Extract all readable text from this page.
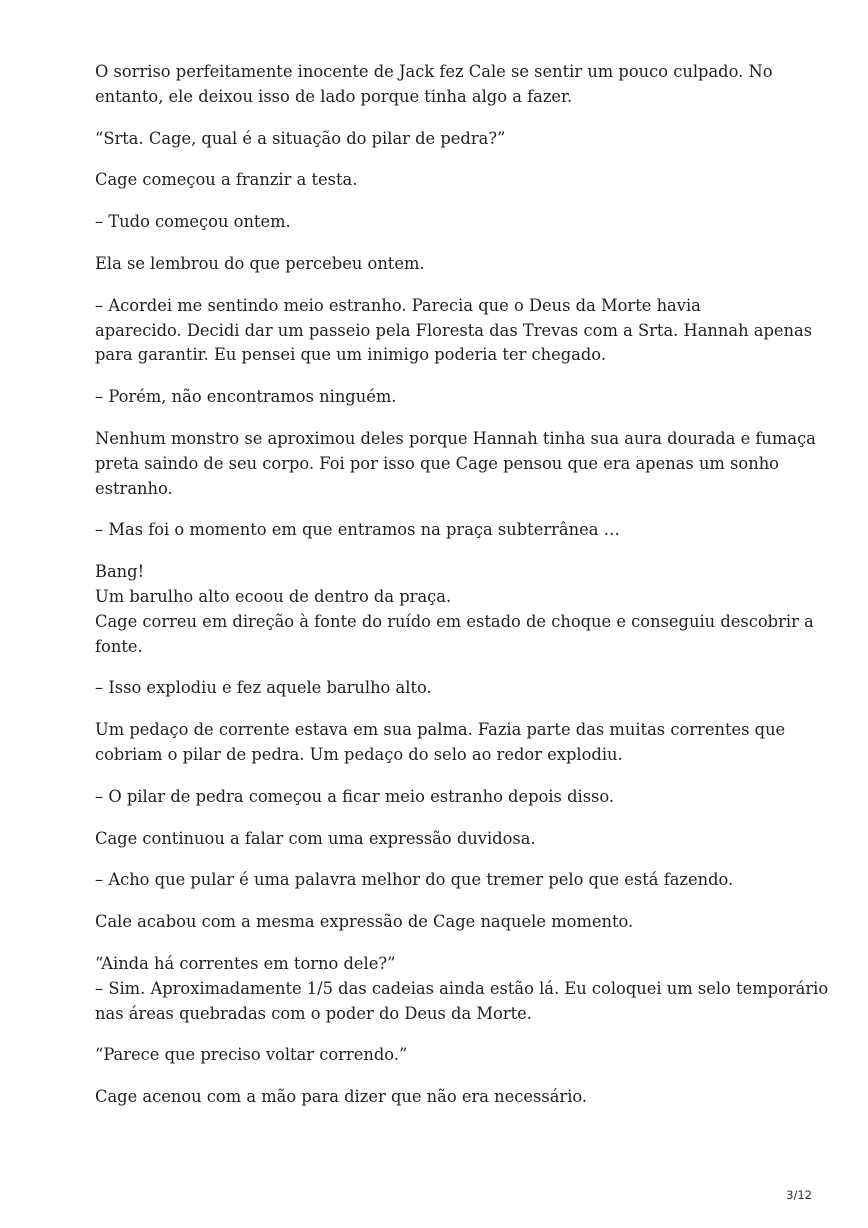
O sorriso perfeitamente inocente de Jack fez Cale se sentir um pouco culpado. No
entanto, ele deixou isso de lado porque tinha algo a fazer.
“Srta. Cage, qual é a situação do pilar de pedra?”
Cage começou a franzir a testa.
– Tudo começou ontem.
Ela se lembrou do que percebeu ontem.
– Acordei me sentindo meio estranho. Parecia que o Deus da Morte havia
aparecido. Decidi dar um passeio pela Floresta das Trevas com a Srta. Hannah apenas
para garantir. Eu pensei que um inimigo poderia ter chegado.
– Porém, não encontramos ninguém.
Nenhum monstro se aproximou deles porque Hannah tinha sua aura dourada e fumaça
preta saindo de seu corpo. Foi por isso que Cage pensou que era apenas um sonho
estranho.
– Mas foi o momento em que entramos na praça subterrânea …
Bang!
Um barulho alto ecoou de dentro da praça.
Cage correu em direção à fonte do ruído em estado de choque e conseguiu descobrir a
fonte.
– Isso explodiu e fez aquele barulho alto.
Um pedaço de corrente estava em sua palma. Fazia parte das muitas correntes que
cobriam o pilar de pedra. Um pedaço do selo ao redor explodiu.
– O pilar de pedra começou a ficar meio estranho depois disso.
Cage continuou a falar com uma expressão duvidosa.
– Acho que pular é uma palavra melhor do que tremer pelo que está fazendo.
Cale acabou com a mesma expressão de Cage naquele momento.
“Ainda há correntes em torno dele?”
– Sim. Aproximadamente 1/5 das cadeias ainda estão lá. Eu coloquei um selo temporário
nas áreas quebradas com o poder do Deus da Morte.
“Parece que preciso voltar correndo.”
Cage acenou com a mão para dizer que não era necessário.
3/12
